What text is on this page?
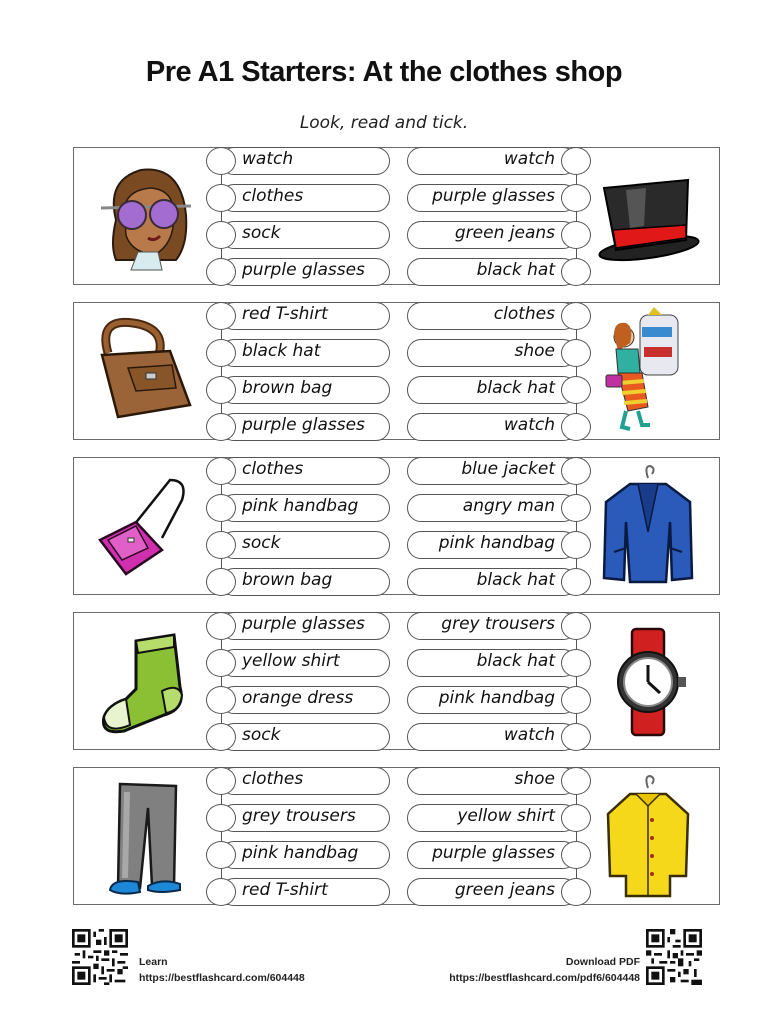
Pre A1 Starters: At the clothes shop
Look, read and tick.
watch
clothes
sock
purple glasses
watch
purple glasses
green jeans
black hat
red T-shirt
black hat
brown bag
purple glasses
clothes
shoe
black hat
watch
clothes
pink handbag
sock
brown bag
blue jacket
angry man
pink handbag
black hat
purple glasses
yellow shirt
orange dress
sock
grey trousers
black hat
pink handbag
watch
clothes
grey trousers
pink handbag
red T-shirt
shoe
yellow shirt
purple glasses
green jeans
Learn
https://bestflashcard.com/604448
Download PDF
https://bestflashcard.com/pdf6/604448
